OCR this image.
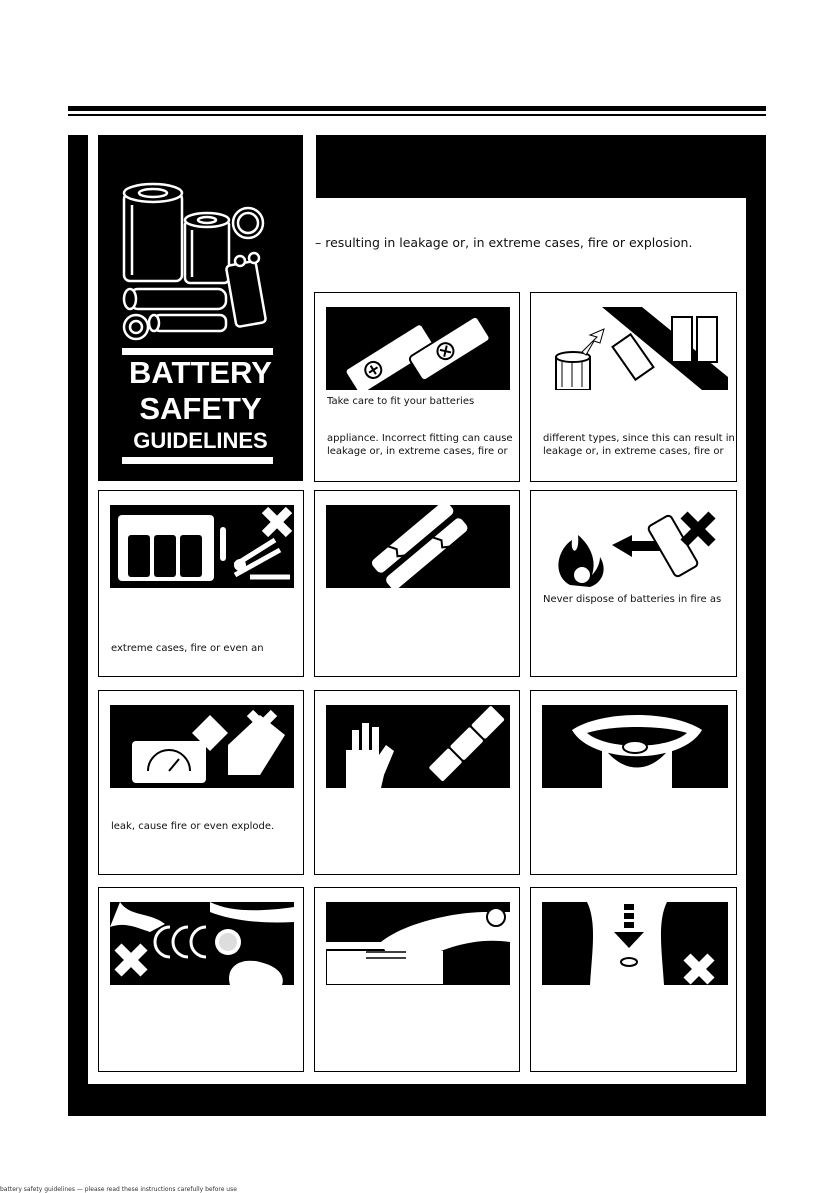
BATTERY
SAFETY
GUIDELINES
– resulting in leakage or, in extreme cases, fire or explosion.
Take care to fit your batteries
appliance. Incorrect fitting can cause
leakage or, in extreme cases, fire or
different types, since this can result in
leakage or, in extreme cases, fire or
extreme cases, fire or even an
Never dispose of batteries in fire as
leak, cause fire or even explode.
battery safety guidelines — please read these instructions carefully before use
